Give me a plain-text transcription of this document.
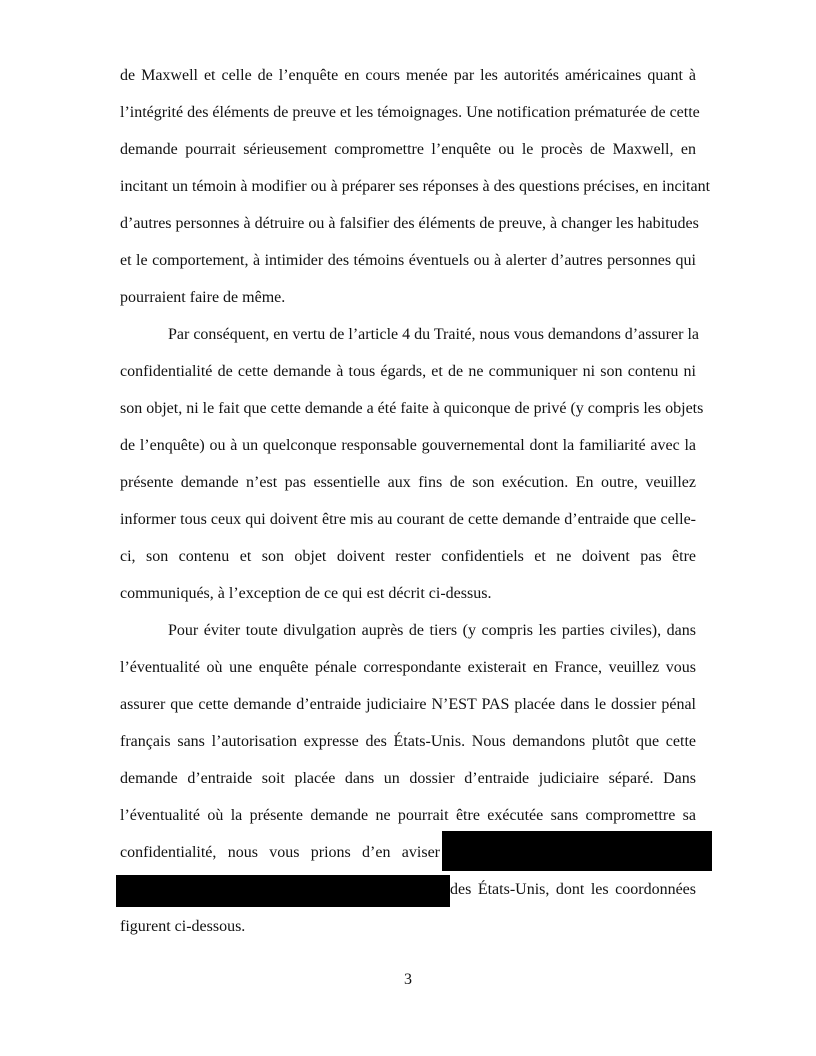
de Maxwell et celle de l’enquête en cours menée par les autorités américaines quant à
l’intégrité des éléments de preuve et les témoignages. Une notification prématurée de cette
demande pourrait sérieusement compromettre l’enquête ou le procès de Maxwell, en
incitant un témoin à modifier ou à préparer ses réponses à des questions précises, en incitant
d’autres personnes à détruire ou à falsifier des éléments de preuve, à changer les habitudes
et le comportement, à intimider des témoins éventuels ou à alerter d’autres personnes qui
pourraient faire de même.
Par conséquent, en vertu de l’article 4 du Traité, nous vous demandons d’assurer la
confidentialité de cette demande à tous égards, et de ne communiquer ni son contenu ni
son objet, ni le fait que cette demande a été faite à quiconque de privé (y compris les objets
de l’enquête) ou à un quelconque responsable gouvernemental dont la familiarité avec la
présente demande n’est pas essentielle aux fins de son exécution. En outre, veuillez
informer tous ceux qui doivent être mis au courant de cette demande d’entraide que celle-
ci, son contenu et son objet doivent rester confidentiels et ne doivent pas être
communiqués, à l’exception de ce qui est décrit ci-dessus.
Pour éviter toute divulgation auprès de tiers (y compris les parties civiles), dans
l’éventualité où une enquête pénale correspondante existerait en France, veuillez vous
assurer que cette demande d’entraide judiciaire N’EST PAS placée dans le dossier pénal
français sans l’autorisation expresse des États-Unis. Nous demandons plutôt que cette
demande d’entraide soit placée dans un dossier d’entraide judiciaire séparé. Dans
l’éventualité où la présente demande ne pourrait être exécutée sans compromettre sa
confidentialité, nous vous prions d’en aviser
des États-Unis, dont les coordonnées
figurent ci-dessous.
3
